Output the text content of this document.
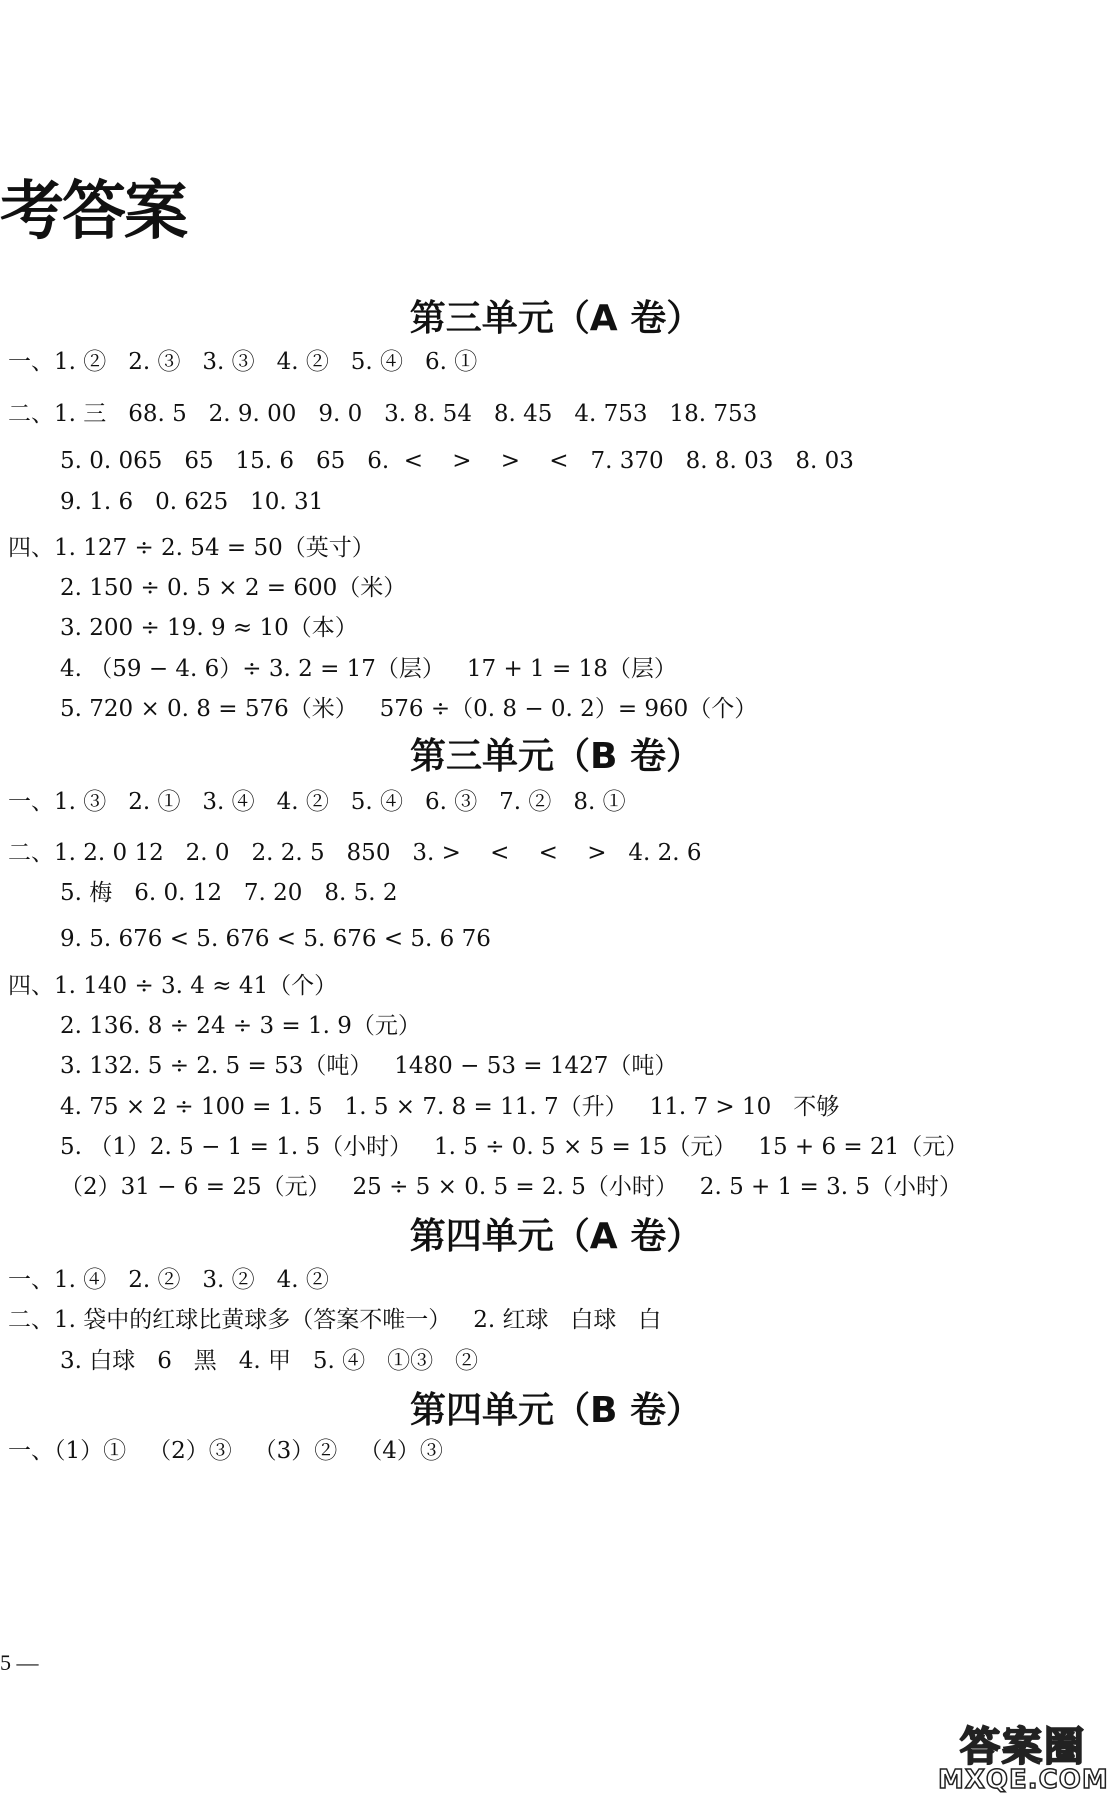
考答案
第三单元（A 卷）
一、1. ②   2. ③   3. ③   4. ②   5. ④   6. ①
二、1. 三   68. 5   2. 9. 00   9. 0   3. 8. 54   8. 45   4. 753   18. 753
5. 0. 065   65   15. 6   65   6.  <    >    >    <   7. 370   8. 8. 03   8. 03
9. 1. 6   0. 625   10. 31
四、1. 127 ÷ 2. 54 = 50（英寸）
2. 150 ÷ 0. 5 × 2 = 600（米）
3. 200 ÷ 19. 9 ≈ 10（本）
4. （59 − 4. 6）÷ 3. 2 = 17（层）   17 + 1 = 18（层）
5. 720 × 0. 8 = 576（米）   576 ÷（0. 8 − 0. 2）= 960（个）
第三单元（B 卷）
一、1. ③   2. ①   3. ④   4. ②   5. ④   6. ③   7. ②   8. ①
二、1. 2. 0 12   2. 0   2. 2. 5   850   3. >    <    <    >   4. 2. 6
5. 梅   6. 0. 12   7. 20   8. 5. 2
9. 5. 676 < 5. 676 < 5. 676 < 5. 6 76
四、1. 140 ÷ 3. 4 ≈ 41（个）
2. 136. 8 ÷ 24 ÷ 3 = 1. 9（元）
3. 132. 5 ÷ 2. 5 = 53（吨）   1480 − 53 = 1427（吨）
4. 75 × 2 ÷ 100 = 1. 5   1. 5 × 7. 8 = 11. 7（升）   11. 7 > 10   不够
5. （1）2. 5 − 1 = 1. 5（小时）   1. 5 ÷ 0. 5 × 5 = 15（元）   15 + 6 = 21（元）
（2）31 − 6 = 25（元）   25 ÷ 5 × 0. 5 = 2. 5（小时）   2. 5 + 1 = 3. 5（小时）
第四单元（A 卷）
一、1. ④   2. ②   3. ②   4. ②
二、1. 袋中的红球比黄球多（答案不唯一）   2. 红球   白球   白
3. 白球   6   黑   4. 甲   5. ④   ①③   ②
第四单元（B 卷）
一、（1）①   （2）③   （3）②   （4）③
5 —
答案圈
MXQE.COM
